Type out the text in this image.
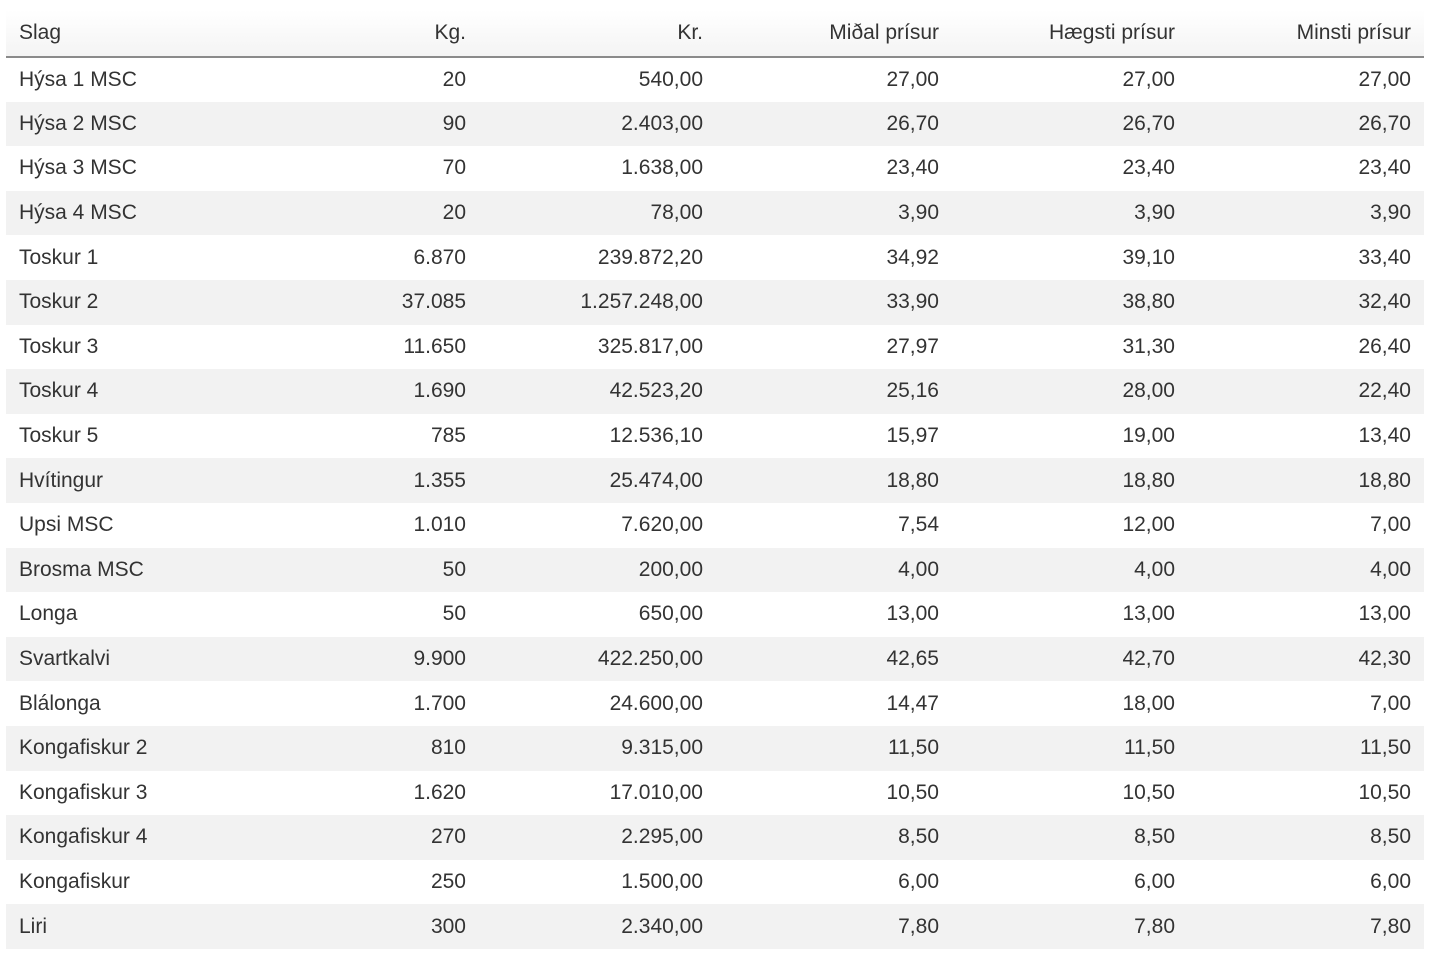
Slag	Kg.	Kr.	Miðal prísur	Hægsti prísur	Minsti prísur
Hýsa 1 MSC	20	540,00	27,00	27,00	27,00
Hýsa 2 MSC	90	2.403,00	26,70	26,70	26,70
Hýsa 3 MSC	70	1.638,00	23,40	23,40	23,40
Hýsa 4 MSC	20	78,00	3,90	3,90	3,90
Toskur 1	6.870	239.872,20	34,92	39,10	33,40
Toskur 2	37.085	1.257.248,00	33,90	38,80	32,40
Toskur 3	11.650	325.817,00	27,97	31,30	26,40
Toskur 4	1.690	42.523,20	25,16	28,00	22,40
Toskur 5	785	12.536,10	15,97	19,00	13,40
Hvítingur	1.355	25.474,00	18,80	18,80	18,80
Upsi MSC	1.010	7.620,00	7,54	12,00	7,00
Brosma MSC	50	200,00	4,00	4,00	4,00
Longa	50	650,00	13,00	13,00	13,00
Svartkalvi	9.900	422.250,00	42,65	42,70	42,30
Blálonga	1.700	24.600,00	14,47	18,00	7,00
Kongafiskur 2	810	9.315,00	11,50	11,50	11,50
Kongafiskur 3	1.620	17.010,00	10,50	10,50	10,50
Kongafiskur 4	270	2.295,00	8,50	8,50	8,50
Kongafiskur	250	1.500,00	6,00	6,00	6,00
Liri	300	2.340,00	7,80	7,80	7,80
